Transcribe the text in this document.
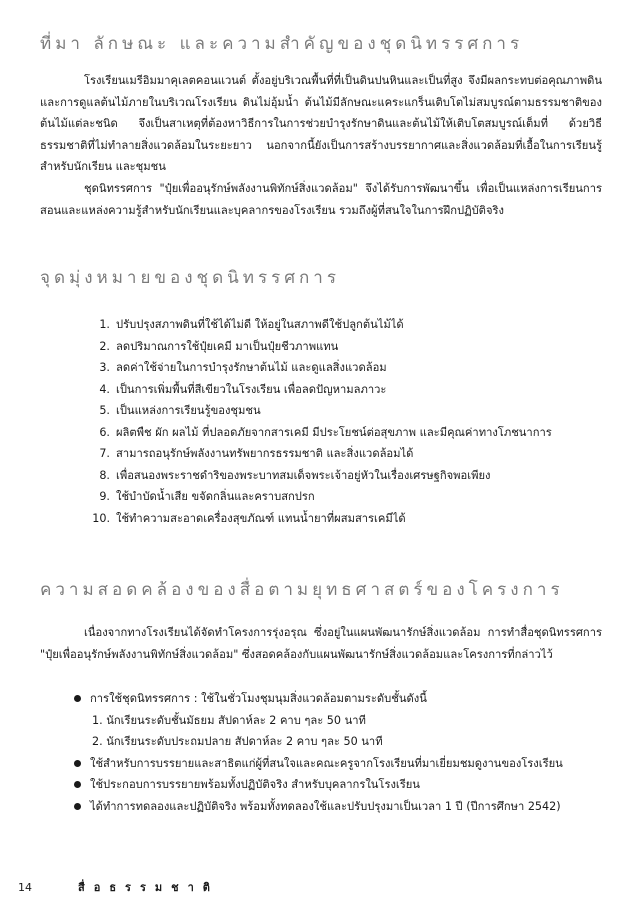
ที่มา ลักษณะ และความสำคัญของชุดนิทรรศการ

โรงเรียนเมรีอิมมาคุเลตคอนแวนต์ ตั้งอยู่บริเวณพื้นที่ที่เป็นดินปนหินและเป็นที่สูง จึงมีผลกระทบต่อคุณภาพดินและการดูแลต้นไม้ภายในบริเวณโรงเรียน ดินไม่อุ้มน้ำ ต้นไม้มีลักษณะแคระแกร็นเติบโตไม่สมบูรณ์ตามธรรมชาติของต้นไม้แต่ละชนิด จึงเป็นสาเหตุที่ต้องหาวิธีการในการช่วยบำรุงรักษาดินและต้นไม้ให้เติบโตสมบูรณ์เต็มที่ ด้วยวิธีธรรมชาติที่ไม่ทำลายสิ่งแวดล้อมในระยะยาว นอกจากนี้ยังเป็นการสร้างบรรยากาศและสิ่งแวดล้อมที่เอื้อในการเรียนรู้สำหรับนักเรียน และชุมชน

ชุดนิทรรศการ "ปุ๋ยเพื่ออนุรักษ์พลังงานพิทักษ์สิ่งแวดล้อม" จึงได้รับการพัฒนาขึ้น เพื่อเป็นแหล่งการเรียนการสอนและแหล่งความรู้สำหรับนักเรียนและบุคลากรของโรงเรียน รวมถึงผู้ที่สนใจในการฝึกปฏิบัติจริง

จุดมุ่งหมายของชุดนิทรรศการ
1. ปรับปรุงสภาพดินที่ใช้ได้ไม่ดี ให้อยู่ในสภาพดีใช้ปลูกต้นไม้ได้
2. ลดปริมาณการใช้ปุ๋ยเคมี มาเป็นปุ๋ยชีวภาพแทน
3. ลดค่าใช้จ่ายในการบำรุงรักษาต้นไม้ และดูแลสิ่งแวดล้อม
4. เป็นการเพิ่มพื้นที่สีเขียวในโรงเรียน เพื่อลดปัญหามลภาวะ
5. เป็นแหล่งการเรียนรู้ของชุมชน
6. ผลิตพืช ผัก ผลไม้ ที่ปลอดภัยจากสารเคมี มีประโยชน์ต่อสุขภาพ และมีคุณค่าทางโภชนาการ
7. สามารถอนุรักษ์พลังงานทรัพยากรธรรมชาติ และสิ่งแวดล้อมได้
8. เพื่อสนองพระราชดำริของพระบาทสมเด็จพระเจ้าอยู่หัวในเรื่องเศรษฐกิจพอเพียง
9. ใช้บำบัดน้ำเสีย ขจัดกลิ่นและคราบสกปรก
10. ใช้ทำความสะอาดเครื่องสุขภัณฑ์ แทนน้ำยาที่ผสมสารเคมีได้
ความสอดคล้องของสื่อตามยุทธศาสตร์ของโครงการ

เนื่องจากทางโรงเรียนได้จัดทำโครงการรุ่งอรุณ ซึ่งอยู่ในแผนพัฒนารักษ์สิ่งแวดล้อม การทำสื่อชุดนิทรรศการ "ปุ๋ยเพื่ออนุรักษ์พลังงานพิทักษ์สิ่งแวดล้อม" ซึ่งสอดคล้องกับแผนพัฒนารักษ์สิ่งแวดล้อมและโครงการที่กล่าวไว้

การใช้ชุดนิทรรศการ : ใช้ในชั่วโมงชุมนุมสิ่งแวดล้อมตามระดับชั้นดังนี้
1. นักเรียนระดับชั้นมัธยม สัปดาห์ละ 2 คาบ ๆละ 50 นาที
2. นักเรียนระดับประถมปลาย สัปดาห์ละ 2 คาบ ๆละ 50 นาที
ใช้สำหรับการบรรยายและสาธิตแก่ผู้ที่สนใจและคณะครูจากโรงเรียนที่มาเยี่ยมชมดูงานของโรงเรียน
ใช้ประกอบการบรรยายพร้อมทั้งปฏิบัติจริง สำหรับบุคลากรในโรงเรียน
ได้ทำการทดลองและปฏิบัติจริง พร้อมทั้งทดลองใช้และปรับปรุงมาเป็นเวลา 1 ปี (ปีการศึกษา 2542)
14	สื่อธรรมชาติ
